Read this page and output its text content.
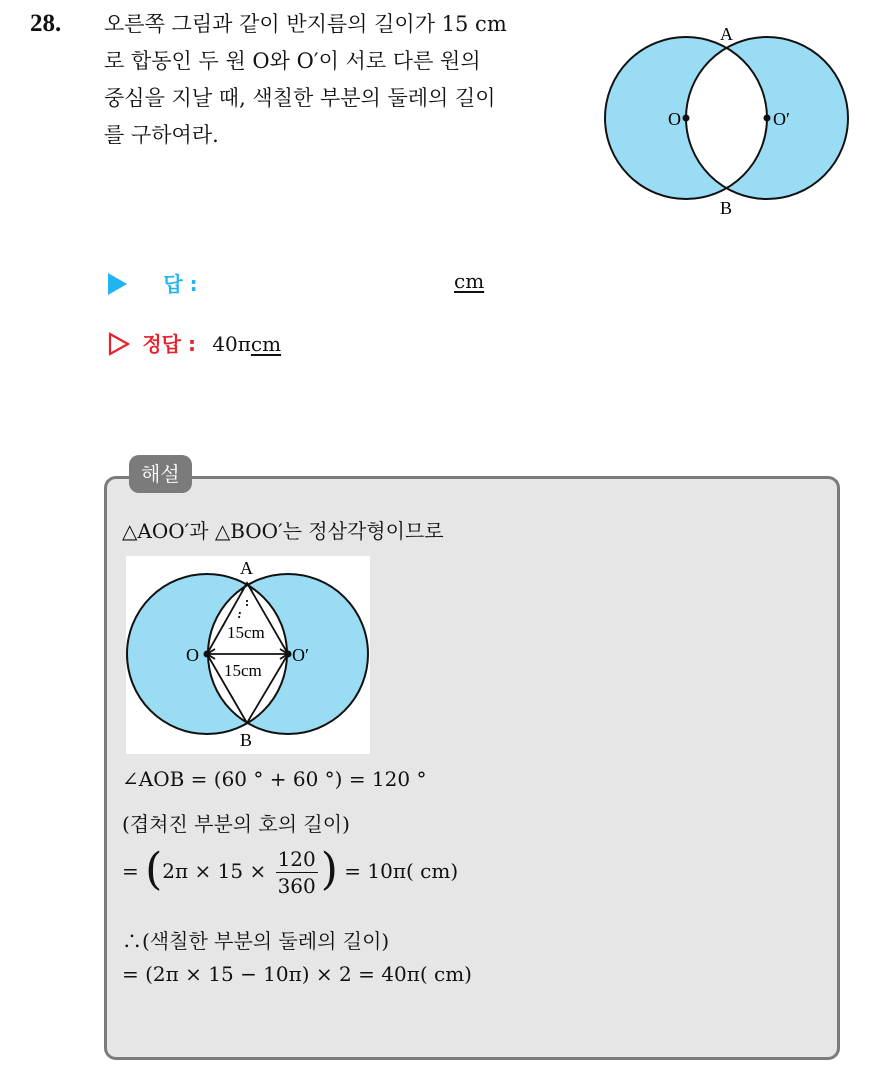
28. 오른쪽 그림과 같이 반지름의 길이가 15 cm
로 합동인 두 원 O와 O′이 서로 다른 원의
중심을 지날 때, 색칠한 부분의 둘레의 길이
를 구하여라.
A
B
O	O′
답 :	cm
정답 : 40πcm
해설
△AOO′과 △BOO′는 정삼각형이므로
A
B
O	O′
15cm
15cm
∠AOB = (60 ° + 60 °) = 120 °
(겹쳐진 부분의 호의 길이)
= ($2\pi \times 15 \times \frac{120}{360}$ ) = 10π( cm)
∴(색칠한 부분의 둘레의 길이)
= (2π × 15 − 10π) × 2 = 40π( cm)
